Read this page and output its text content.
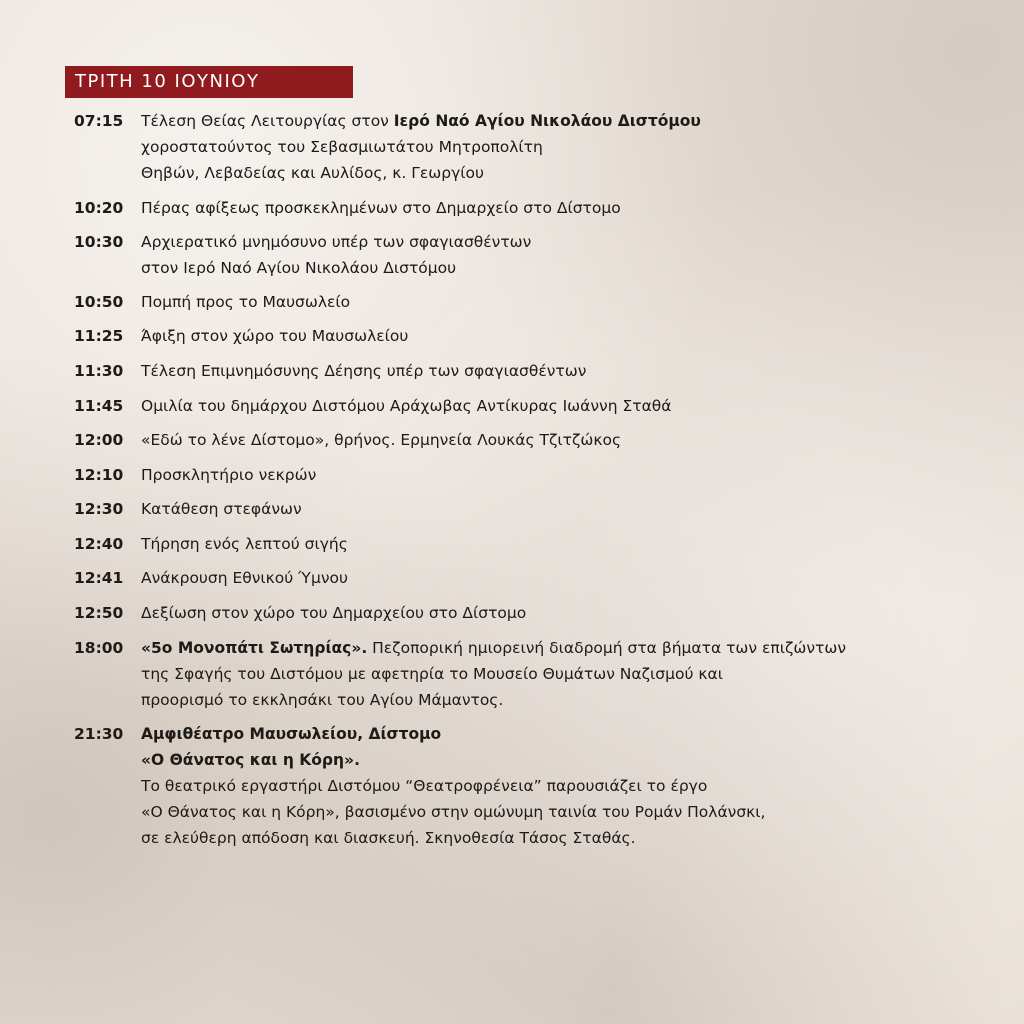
ΤΡΙΤΗ 10 ΙΟΥΝΙΟΥ
07:15	Τέλεση Θείας Λειτουργίας στον Ιερό Ναό Αγίου Νικολάου Διστόμου
χοροστατούντος του Σεβασμιωτάτου Μητροπολίτη
Θηβών, Λεβαδείας και Αυλίδος, κ. Γεωργίου
10:20	Πέρας αφίξεως προσκεκλημένων στο Δημαρχείο στο Δίστομο
10:30	Αρχιερατικό μνημόσυνο υπέρ των σφαγιασθέντων
στον Ιερό Ναό Αγίου Νικολάου Διστόμου
10:50	Πομπή προς το Μαυσωλείο
11:25	Άφιξη στον χώρο του Μαυσωλείου
11:30	Τέλεση Επιμνημόσυνης Δέησης υπέρ των σφαγιασθέντων
11:45	Ομιλία του δημάρχου Διστόμου Αράχωβας Αντίκυρας Ιωάννη Σταθά
12:00	«Εδώ το λένε Δίστομο», θρήνος. Ερμηνεία Λουκάς Τζιτζώκος
12:10	Προσκλητήριο νεκρών
12:30	Κατάθεση στεφάνων
12:40	Τήρηση ενός λεπτού σιγής
12:41	Ανάκρουση Εθνικού Ύμνου
12:50	Δεξίωση στον χώρο του Δημαρχείου στο Δίστομο
18:00	«5ο Μονοπάτι Σωτηρίας». Πεζοπορική ημιορεινή διαδρομή στα βήματα των επιζώντων
της Σφαγής του Διστόμου με αφετηρία το Μουσείο Θυμάτων Ναζισμού και
προορισμό το εκκλησάκι του Αγίου Μάμαντος.
21:30	Αμφιθέατρο Μαυσωλείου, Δίστομο
«Ο Θάνατος και η Κόρη».
Το θεατρικό εργαστήρι Διστόμου “Θεατροφρένεια” παρουσιάζει το έργο
«Ο Θάνατος και η Κόρη», βασισμένο στην ομώνυμη ταινία του Ρομάν Πολάνσκι,
σε ελεύθερη απόδοση και διασκευή. Σκηνοθεσία Τάσος Σταθάς.
